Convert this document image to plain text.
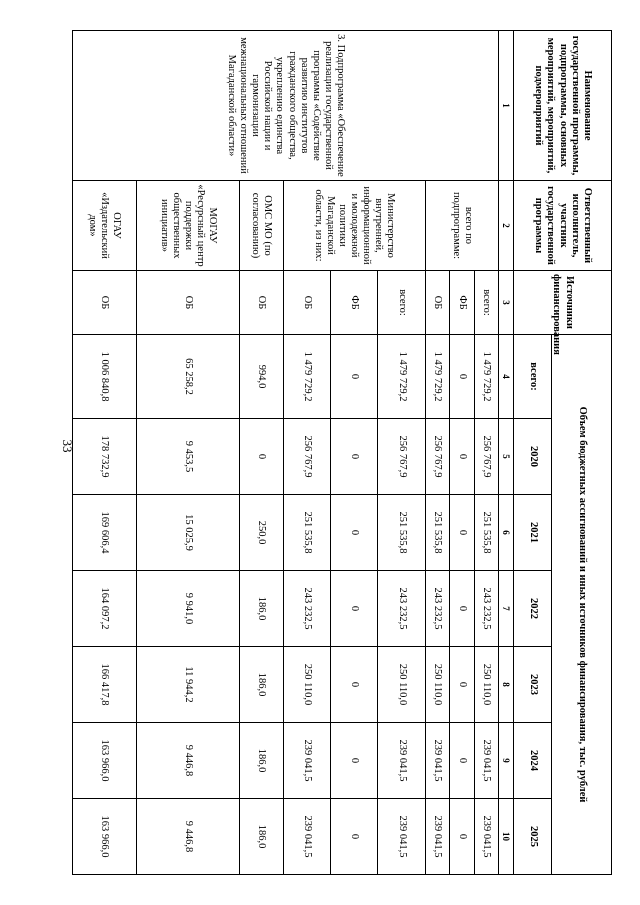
33
Наименование государственной программы, подпрограммы, основных мероприятий, мероприятий, подмероприятий	Ответственный исполнитель, участник государственной программы	Источники финансирования	Объем бюджетных ассигнований и иных источников финансирования, тыс. рублей						
			всего:	2020	2021	2022	2023	2024	2025
1	2	3	4	5	6	7	8	9	10
3. Подпрограмма «Обеспечение реализации государственной программы «Содействие развитию институтов гражданского общества, укреплению единства Российской нации и гармонизации межнациональных отношений Магаданской области»	всего по подпрограмме:	всего:	1 479 729,2	256 767,9	251 535,8	243 232,5	250 110,0	239 041,5	239 041,5
		ФБ	0	0	0	0	0	0	0
		ОБ	1 479 729,2	256 767,9	251 535,8	243 232,5	250 110,0	239 041,5	239 041,5
	Министерство внутренней, информационной и молодежной политики Магаданской области, из них:	всего:	1 479 729,2	256 767,9	251 535,8	243 232,5	250 110,0	239 041,5	239 041,5
		ФБ	0	0	0	0	0	0	0
		ОБ	1 479 729,2	256 767,9	251 535,8	243 232,5	250 110,0	239 041,5	239 041,5
	ОМС МО (по согласованию)	ОБ	994,0	0	250,0	186,0	186,0	186,0	186,0
	МОГАУ «Ресурсный центр поддержки общественных инициатив»	ОБ	65 258,2	9 453,5	15 025,9	9 941,0	11 944,2	9 446,8	9 446,8
	ОГАУ «Издательский дом»	ОБ	1 006 840,8	178 732,9	169 606,4	164 097,2	166 417,8	163 966,0	163 966,0
